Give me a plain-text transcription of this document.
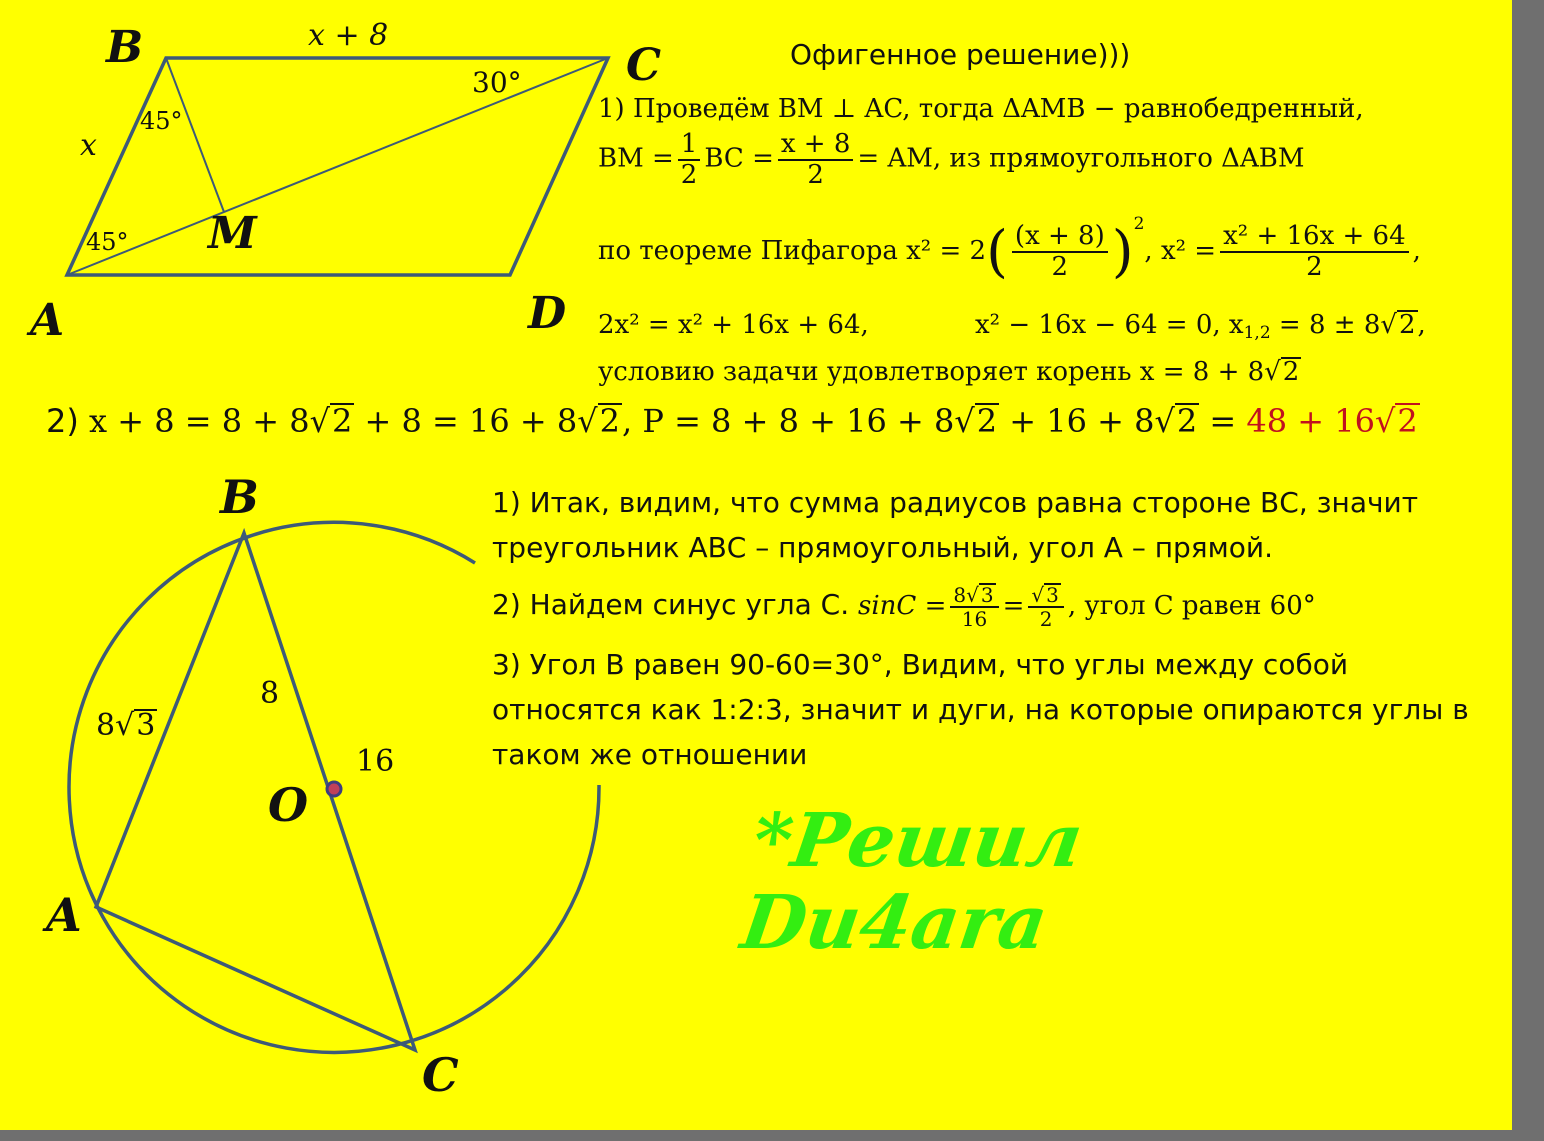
B	C
A	D
M
x + 8
x
45°
45°
30°
Офигенное решение)))
1) Проведём BM ⊥ AC, тогда ΔAMB − равнобедренный,
BM = $\frac{1}{2}$ BC = $\frac{x + 8}{2}$ = AM, из прямоугольного ΔABM
по теореме Пифагора $x^2 = 2( \frac{(x + 8)}{2} )^2$, $x^2 = \frac{\text{x² + 16x + 64}}{2}$ ,
2x² = x² + 16x + 64,	x² − 16x − 64 = 0, $x_{1,2} = 8 \pm 8√2$,
условию задачи удовлетворяет корень x = 8 + 8√2
2) x + 8 = 8 + 8√2 + 8 = 16 + 8√2, P = 8 + 8 + 16 + 8√2 + 16 + 8√2 = 48 + 16√2
B
A
C
O
8√3
8
16
1) Итак, видим, что сумма радиусов равна стороне ВС, значит треугольник АВС – прямоугольный, угол А – прямой.
2) Найдем синус угла С. $\sin C = \frac{8√ 3}{16} = \frac{√ 3}{2}$ , угол С равен 60°
3) Угол В равен 90-60=30°, Видим, что углы между собой относятся как 1:2:3, значит и дуги, на которые опираются углы в таком же отношении
*Решил
Du4ara
